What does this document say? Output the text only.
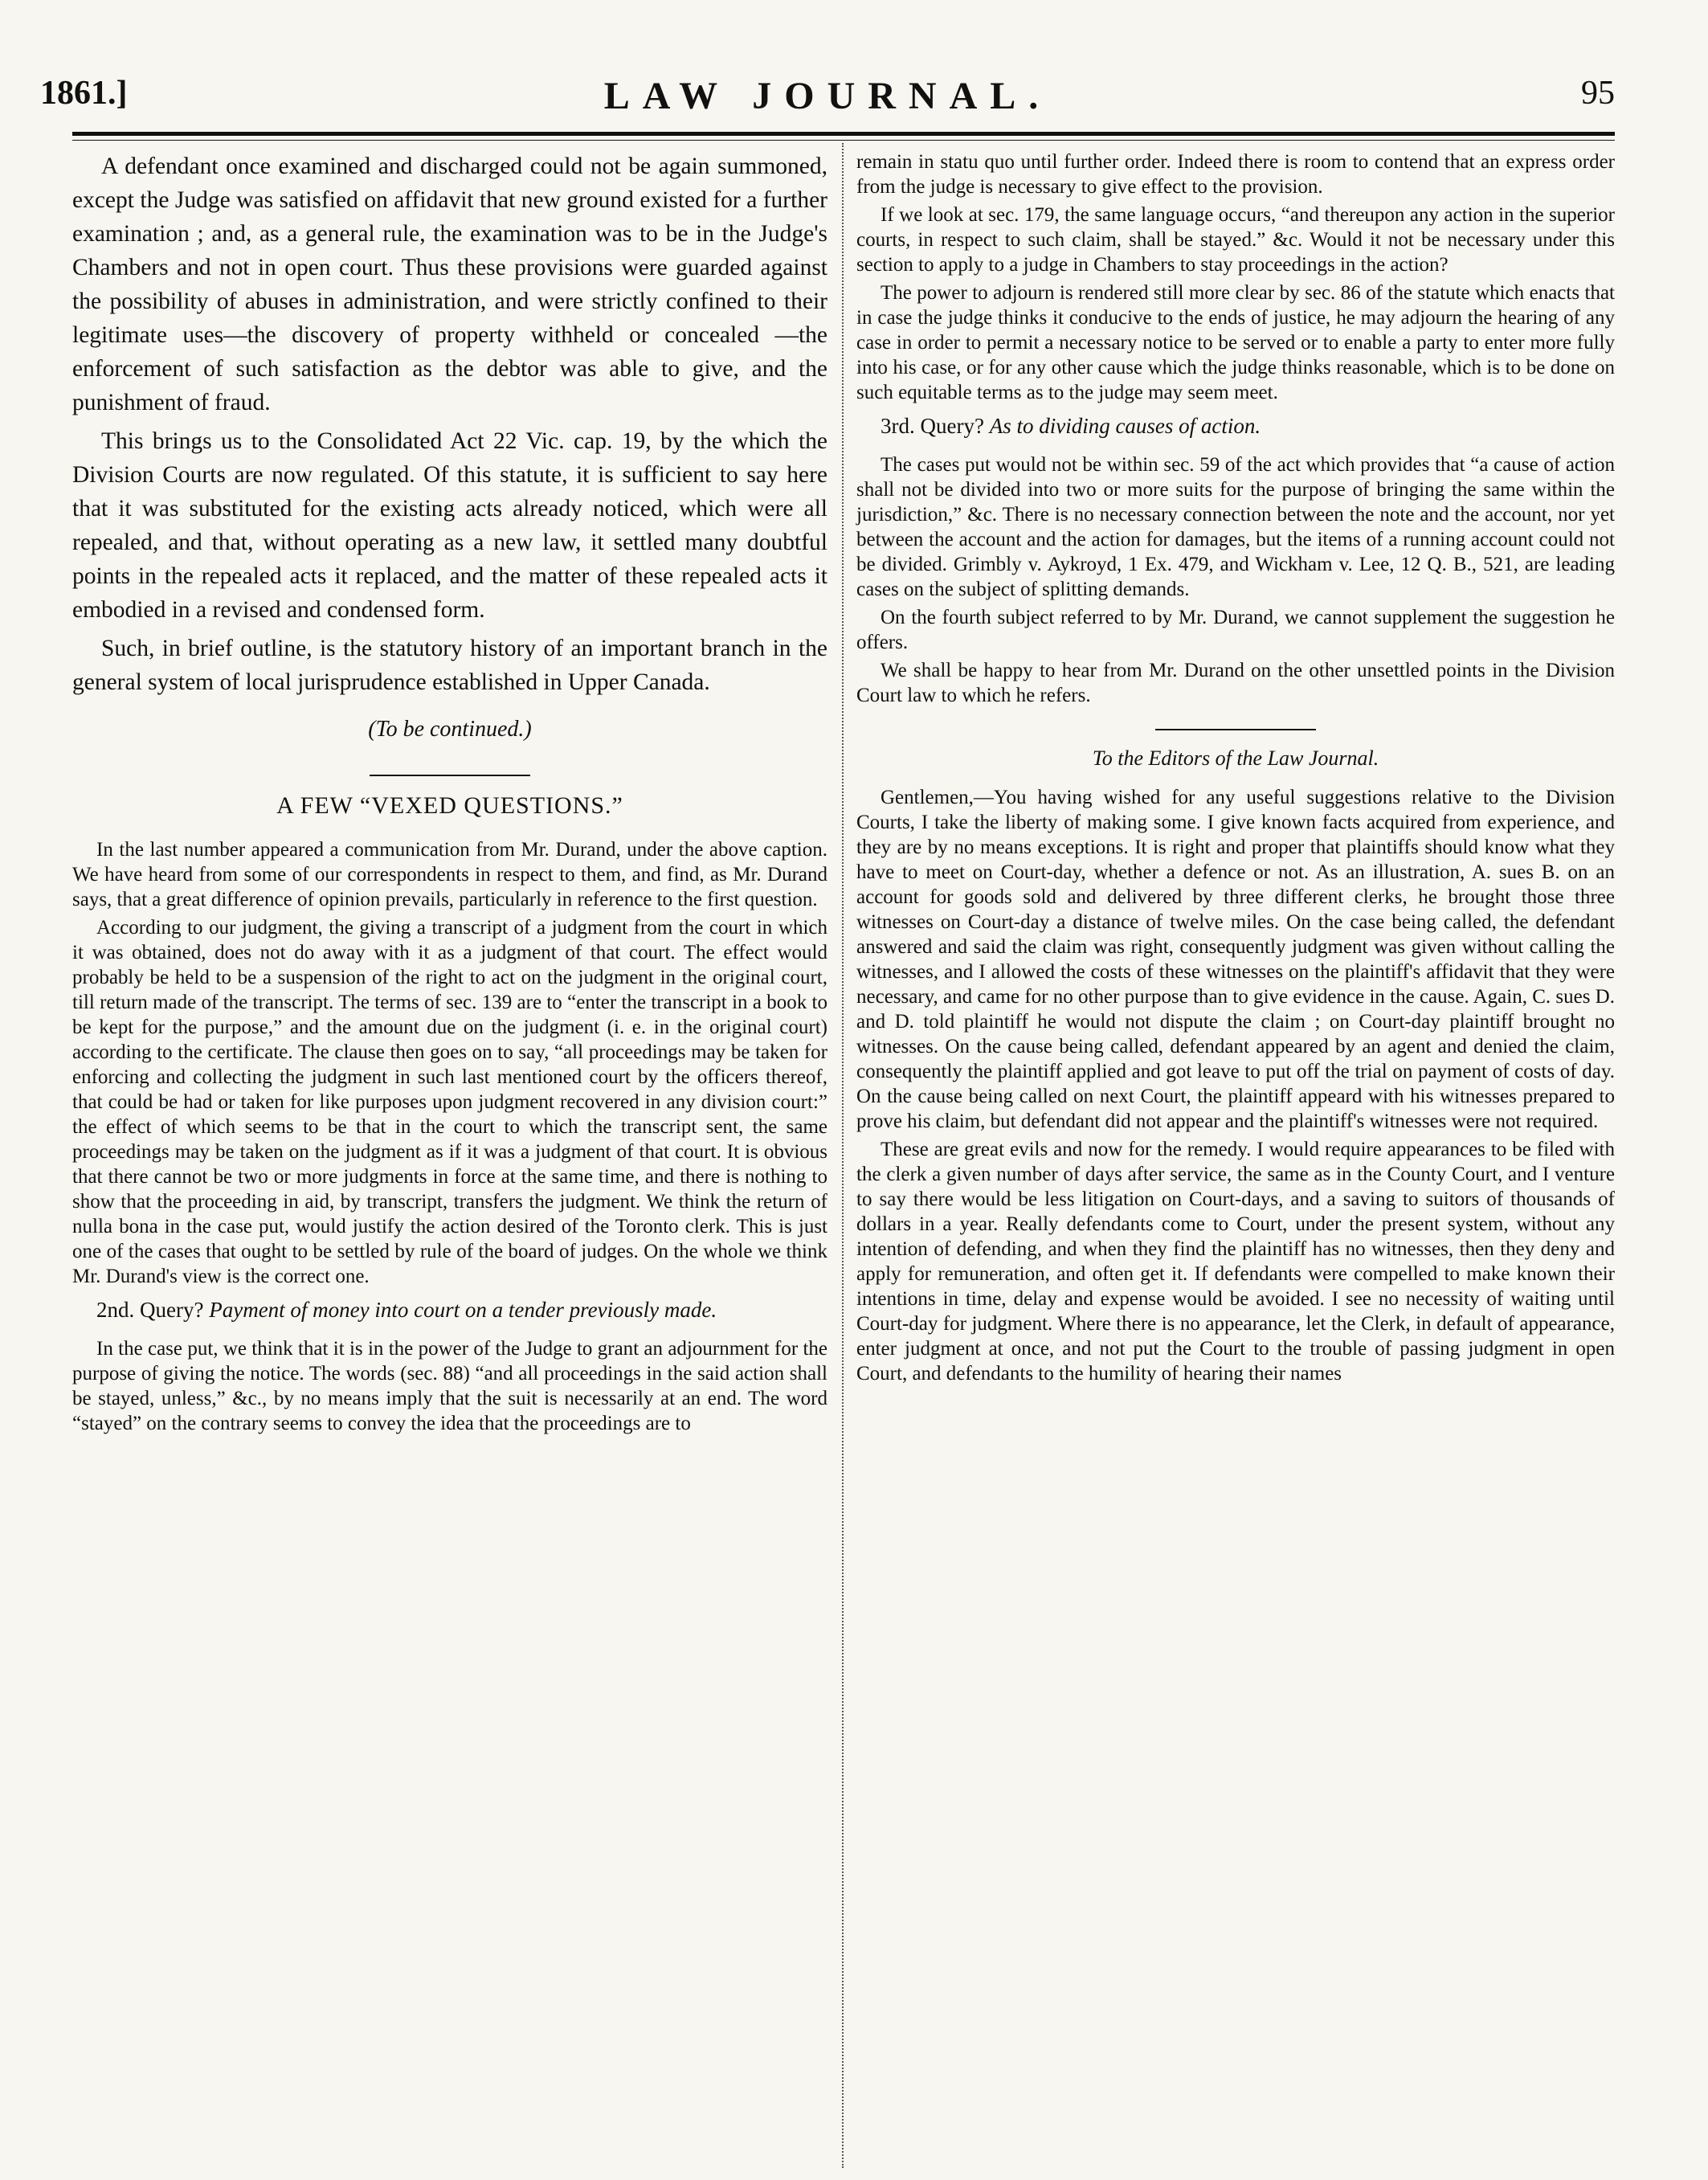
1861.]	LAW JOURNAL.	95

A defendant once examined and discharged could not be again summoned, except the Judge was satisfied on affidavit that new ground existed for a further examination ; and, as a general rule, the examination was to be in the Judge's Chambers and not in open court. Thus these provisions were guarded against the possibility of abuses in administration, and were strictly confined to their legitimate uses—the discovery of property withheld or concealed —the enforcement of such satisfaction as the debtor was able to give, and the punishment of fraud.

This brings us to the Consolidated Act 22 Vic. cap. 19, by the which the Division Courts are now regulated. Of this statute, it is sufficient to say here that it was substituted for the existing acts already noticed, which were all repealed, and that, without operating as a new law, it settled many doubtful points in the repealed acts it replaced, and the matter of these repealed acts it embodied in a revised and condensed form.

Such, in brief outline, is the statutory history of an important branch in the general system of local jurisprudence established in Upper Canada.

(To be continued.)
A FEW “VEXED QUESTIONS.”

In the last number appeared a communication from Mr. Durand, under the above caption. We have heard from some of our correspondents in respect to them, and find, as Mr. Durand says, that a great difference of opinion prevails, particularly in reference to the first question.

According to our judgment, the giving a transcript of a judgment from the court in which it was obtained, does not do away with it as a judgment of that court. The effect would probably be held to be a suspension of the right to act on the judgment in the original court, till return made of the transcript. The terms of sec. 139 are to “enter the transcript in a book to be kept for the purpose,” and the amount due on the judgment (i. e. in the original court) according to the certificate. The clause then goes on to say, “all proceedings may be taken for enforcing and collecting the judgment in such last mentioned court by the officers thereof, that could be had or taken for like purposes upon judgment recovered in any division court:” the effect of which seems to be that in the court to which the transcript sent, the same proceedings may be taken on the judgment as if it was a judgment of that court. It is obvious that there cannot be two or more judgments in force at the same time, and there is nothing to show that the proceeding in aid, by transcript, transfers the judgment. We think the return of nulla bona in the case put, would justify the action desired of the Toronto clerk. This is just one of the cases that ought to be settled by rule of the board of judges. On the whole we think Mr. Durand's view is the correct one.

2nd. Query? Payment of money into court on a tender previously made.

In the case put, we think that it is in the power of the Judge to grant an adjournment for the purpose of giving the notice. The words (sec. 88) “and all proceedings in the said action shall be stayed, unless,” &c., by no means imply that the suit is necessarily at an end. The word “stayed” on the contrary seems to convey the idea that the proceedings are to

remain in statu quo until further order. Indeed there is room to contend that an express order from the judge is necessary to give effect to the provision.

If we look at sec. 179, the same language occurs, “and thereupon any action in the superior courts, in respect to such claim, shall be stayed.” &c. Would it not be necessary under this section to apply to a judge in Chambers to stay proceedings in the action?

The power to adjourn is rendered still more clear by sec. 86 of the statute which enacts that in case the judge thinks it conducive to the ends of justice, he may adjourn the hearing of any case in order to permit a necessary notice to be served or to enable a party to enter more fully into his case, or for any other cause which the judge thinks reasonable, which is to be done on such equitable terms as to the judge may seem meet.

3rd. Query? As to dividing causes of action.

The cases put would not be within sec. 59 of the act which provides that “a cause of action shall not be divided into two or more suits for the purpose of bringing the same within the jurisdiction,” &c. There is no necessary connection between the note and the account, nor yet between the account and the action for damages, but the items of a running account could not be divided. Grimbly v. Aykroyd, 1 Ex. 479, and Wickham v. Lee, 12 Q. B., 521, are leading cases on the subject of splitting demands.

On the fourth subject referred to by Mr. Durand, we cannot supplement the suggestion he offers.

We shall be happy to hear from Mr. Durand on the other unsettled points in the Division Court law to which he refers.

To the Editors of the Law Journal.

Gentlemen,—You having wished for any useful suggestions relative to the Division Courts, I take the liberty of making some. I give known facts acquired from experience, and they are by no means exceptions. It is right and proper that plaintiffs should know what they have to meet on Court-day, whether a defence or not. As an illustration, A. sues B. on an account for goods sold and delivered by three different clerks, he brought those three witnesses on Court-day a distance of twelve miles. On the case being called, the defendant answered and said the claim was right, consequently judgment was given without calling the witnesses, and I allowed the costs of these witnesses on the plaintiff's affidavit that they were necessary, and came for no other purpose than to give evidence in the cause. Again, C. sues D. and D. told plaintiff he would not dispute the claim ; on Court-day plaintiff brought no witnesses. On the cause being called, defendant appeared by an agent and denied the claim, consequently the plaintiff applied and got leave to put off the trial on payment of costs of day. On the cause being called on next Court, the plaintiff appeard with his witnesses prepared to prove his claim, but defendant did not appear and the plaintiff's witnesses were not required.

These are great evils and now for the remedy. I would require appearances to be filed with the clerk a given number of days after service, the same as in the County Court, and I venture to say there would be less litigation on Court-days, and a saving to suitors of thousands of dollars in a year. Really defendants come to Court, under the present system, without any intention of defending, and when they find the plaintiff has no witnesses, then they deny and apply for remuneration, and often get it. If defendants were compelled to make known their intentions in time, delay and expense would be avoided. I see no necessity of waiting until Court-day for judgment. Where there is no appearance, let the Clerk, in default of appearance, enter judgment at once, and not put the Court to the trouble of passing judgment in open Court, and defendants to the humility of hearing their names
